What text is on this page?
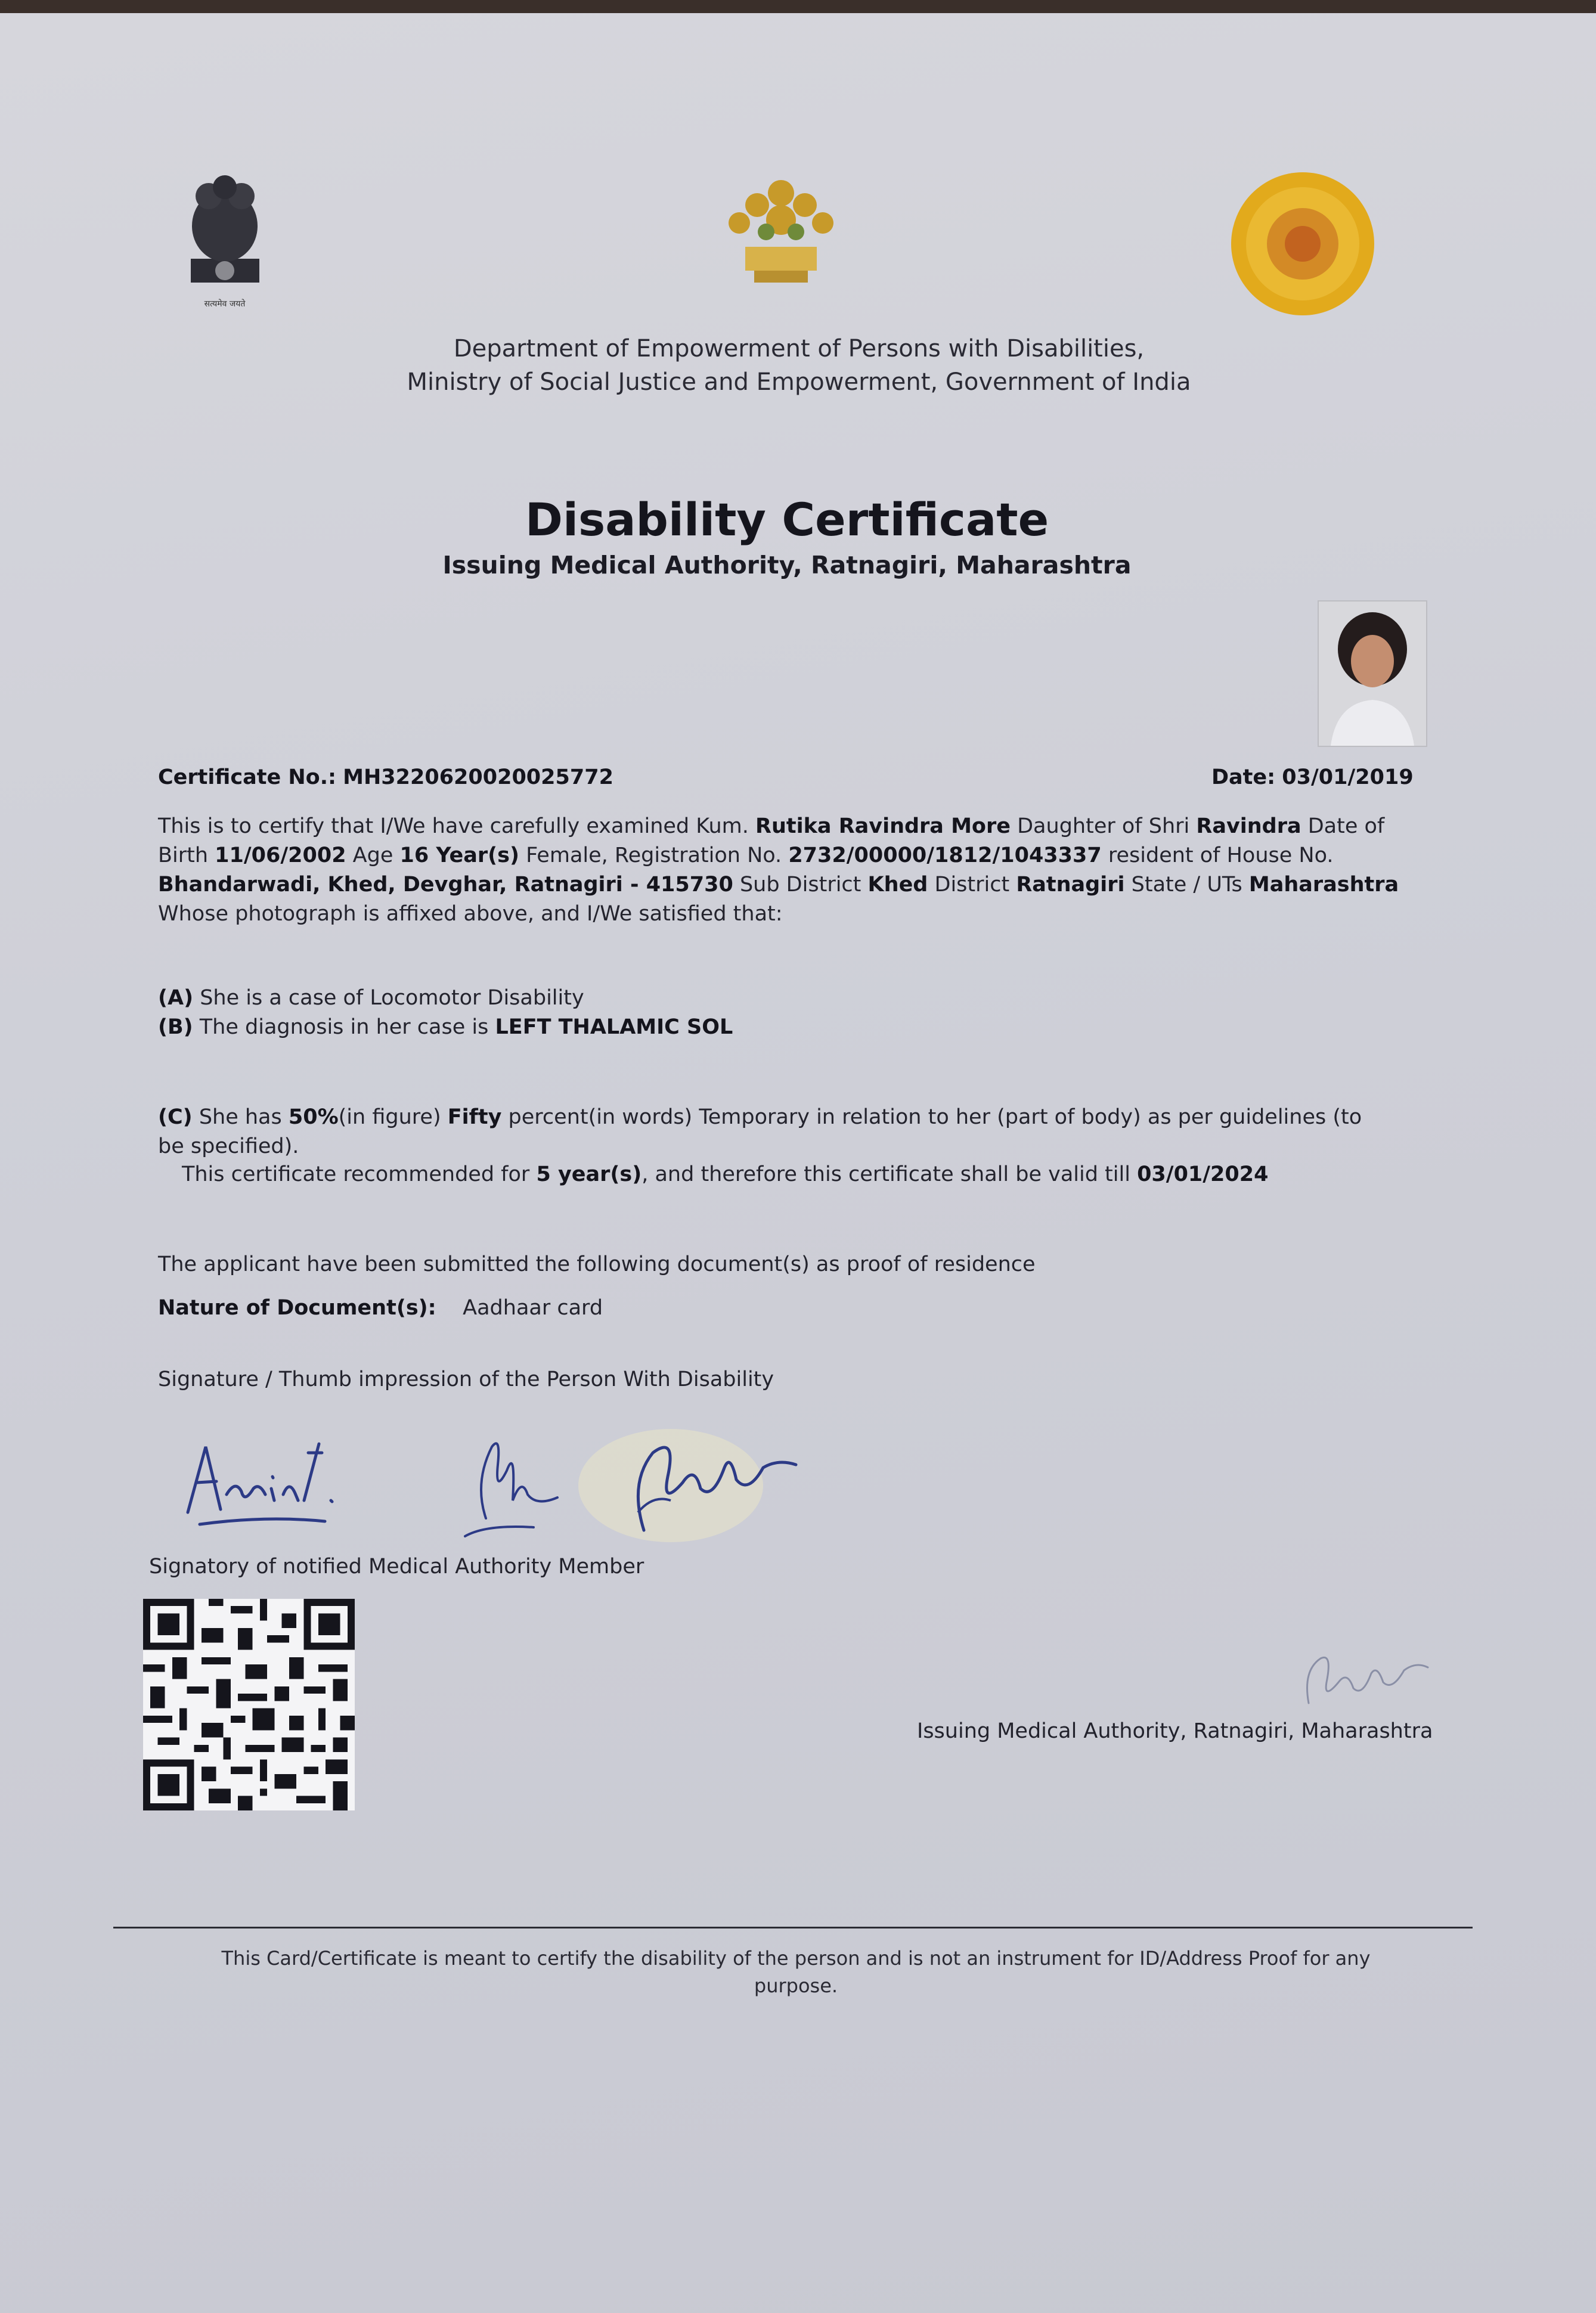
सत्यमेव जयते
Department of Empowerment of Persons with Disabilities,
Ministry of Social Justice and Empowerment, Government of India
Disability Certificate
Issuing Medical Authority, Ratnagiri, Maharashtra
Certificate No.: MH3220620020025772	Date: 03/01/2019
This is to certify that I/We have carefully examined Kum. Rutika Ravindra More Daughter of Shri Ravindra Date of
Birth 11/06/2002 Age 16 Year(s) Female, Registration No. 2732/00000/1812/1043337 resident of House No.
Bhandarwadi, Khed, Devghar, Ratnagiri - 415730 Sub District Khed District Ratnagiri State / UTs Maharashtra
Whose photograph is affixed above, and I/We satisfied that:
(A) She is a case of Locomotor Disability
(B) The diagnosis in her case is LEFT THALAMIC SOL
(C) She has 50%(in figure) Fifty percent(in words) Temporary in relation to her (part of body) as per guidelines (to
be specified).
This certificate recommended for 5 year(s), and therefore this certificate shall be valid till 03/01/2024
The applicant have been submitted the following document(s) as proof of residence
Nature of Document(s): Aadhaar card
Signature / Thumb impression of the Person With Disability
Signatory of notified Medical Authority Member
Issuing Medical Authority, Ratnagiri, Maharashtra
This Card/Certificate is meant to certify the disability of the person and is not an instrument for ID/Address Proof for any
purpose.
